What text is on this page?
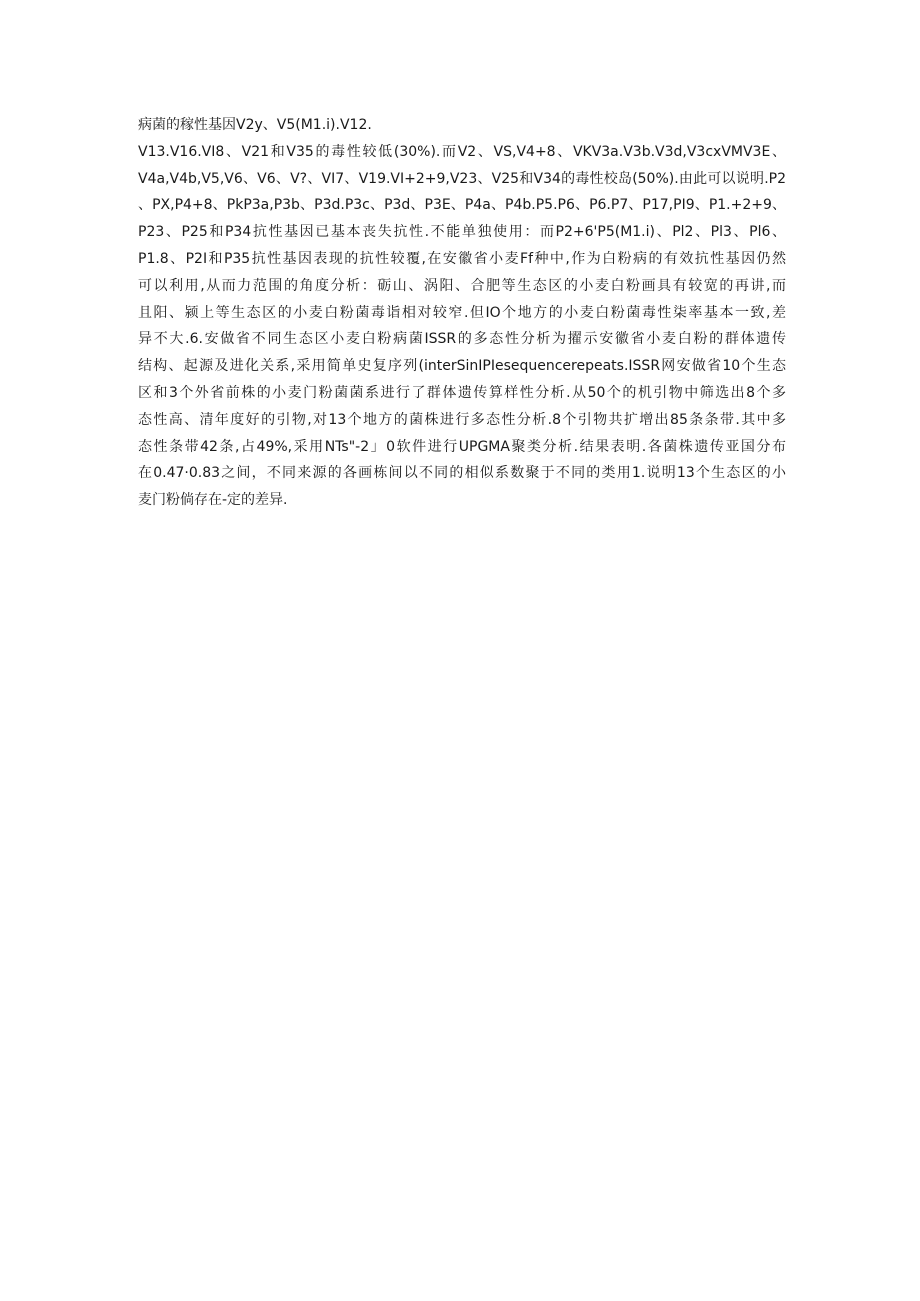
病菌的稼性基因V2y、V5(M1.i).V12.
V13.V16.VI8、V21和V35的毒性较低(30%).而V2、VS,V4+8、VKV3a.V3b.V3d,V3cxVMV3E、
V4a,V4b,V5,V6、V6、V?、VI7、V19.VI+2+9,V23、V25和V34的毒性校岛(50%).由此可以说明.P2
、PX,P4+8、PkP3a,P3b、P3d.P3c、P3d、P3E、P4a、P4b.P5.P6、P6.P7、P17,PI9、P1.+2+9、
P23、P25和P34抗性基因已基本丧失抗性.不能单独使用：而P2+6'P5(M1.i)、Pl2、Pl3、Pl6、
P1.8、P2I和P35抗性基因表现的抗性较覆,在安徽省小麦Ff种中,作为白粉病的有效抗性基因仍然
可以利用,从而力范围的角度分析：砺山、涡阳、合肥等生态区的小麦白粉画具有较宽的再讲,而
且阳、颍上等生态区的小麦白粉菌毒诣相对较窄.但IO个地方的小麦白粉菌毒性柒率基本一致,差
异不大.6.安做省不同生态区小麦白粉病菌ISSR的多态性分析为擢示安徽省小麦白粉的群体遗传
结构、起源及进化关系,采用简单史复序列(interSinIPIesequencerepeats.ISSR网安做省10个生态
区和3个外省前株的小麦门粉菌菌系进行了群体遗传算样性分析.从50个的机引物中筛选出8个多
态性高、清年度好的引物,对13个地方的菌株进行多态性分析.8个引物共扩增出85条条带.其中多
态性条带42条,占49%,采用NTs"-2」0软件进行UPGMA聚类分析.结果表明.各菌株遗传亚国分布
在0.47·0.83之间，不同来源的各画栋间以不同的相似系数聚于不同的类用1.说明13个生态区的小
麦门粉倘存在-定的差异.
